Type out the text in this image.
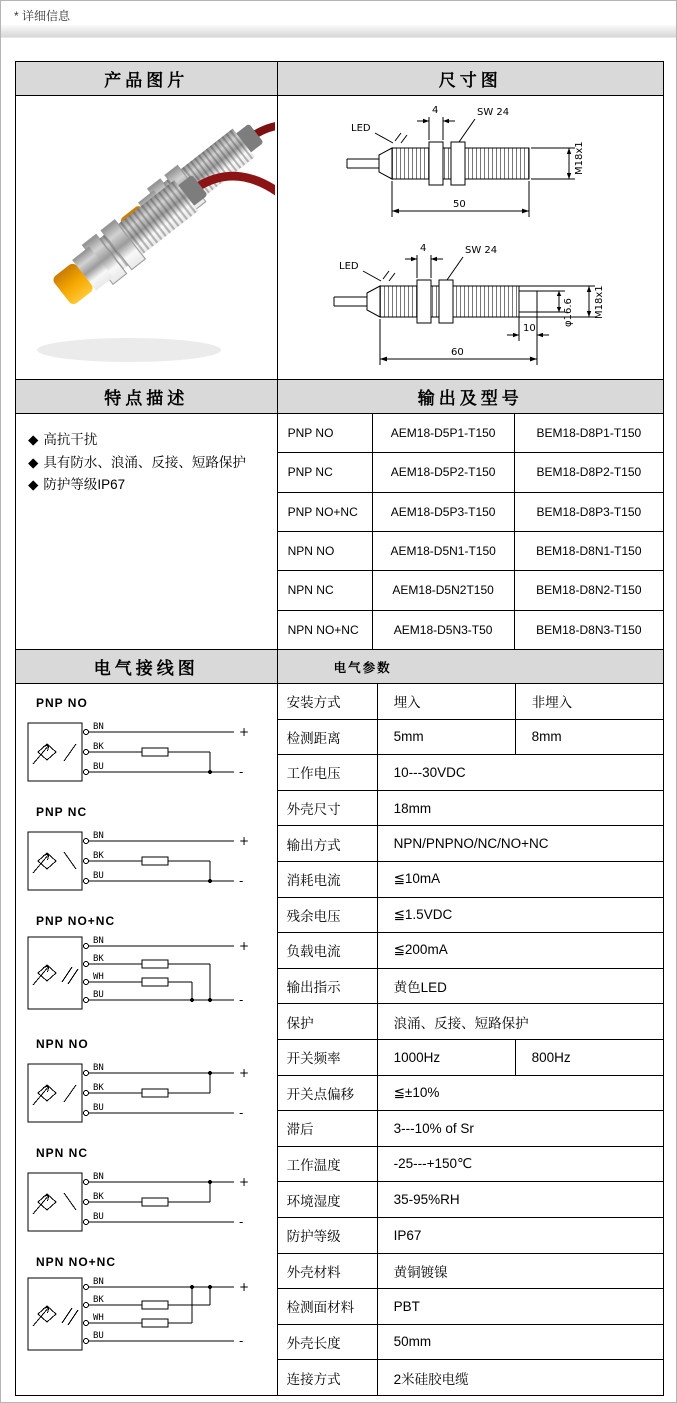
* 详细信息
产品图片	尺寸图
4	SW 24
LED
M18x1
50
4	SW 24
LED
10
φ16.6 M18x1
60
特点描述	输出及型号
◆ 高抗干扰
◆ 具有防水、浪涌、反接、短路保护
◆ 防护等级IP67
PNP NO	AEM18-D5P1-T150	BEM18-D8P1-T150
PNP NC	AEM18-D5P2-T150	BEM18-D8P2-T150
PNP NO+NC	AEM18-D5P3-T150	BEM18-D8P3-T150
NPN NO	AEM18-D5N1-T150	BEM18-D8N1-T150
NPN NC	AEM18-D5N2T150	BEM18-D8N2-T150
NPN NO+NC	AEM18-D5N3-T50	BEM18-D8N3-T150
电气接线图	电气参数
PNP NO
BN	+
BK
BU	-
PNP NC
BN	+
BK
BU	-
PNP NO+NC
BN	+
BK
WH
BU	-
NPN NO
BN	+
BK
BU	-
NPN NC
BN	+
BK
BU	-
NPN NO+NC
BN	+
BK
WH
BU	-
安装方式	埋入	非埋入
检测距离	5mm	8mm
工作电压	10---30VDC
外壳尺寸	18mm
输出方式	NPN/PNPNO/NC/NO+NC
消耗电流	≦10mA
残余电压	≦1.5VDC
负载电流	≦200mA
输出指示	黄色LED
保护	浪涌、反接、短路保护
开关频率	1000Hz	800Hz
开关点偏移	≦±10%
滞后	3---10% of Sr
工作温度	-25---+150℃
环境湿度	35-95%RH
防护等级	IP67
外壳材料	黄铜镀镍
检测面材料	PBT
外壳长度	50mm
连接方式	2米硅胶电缆
